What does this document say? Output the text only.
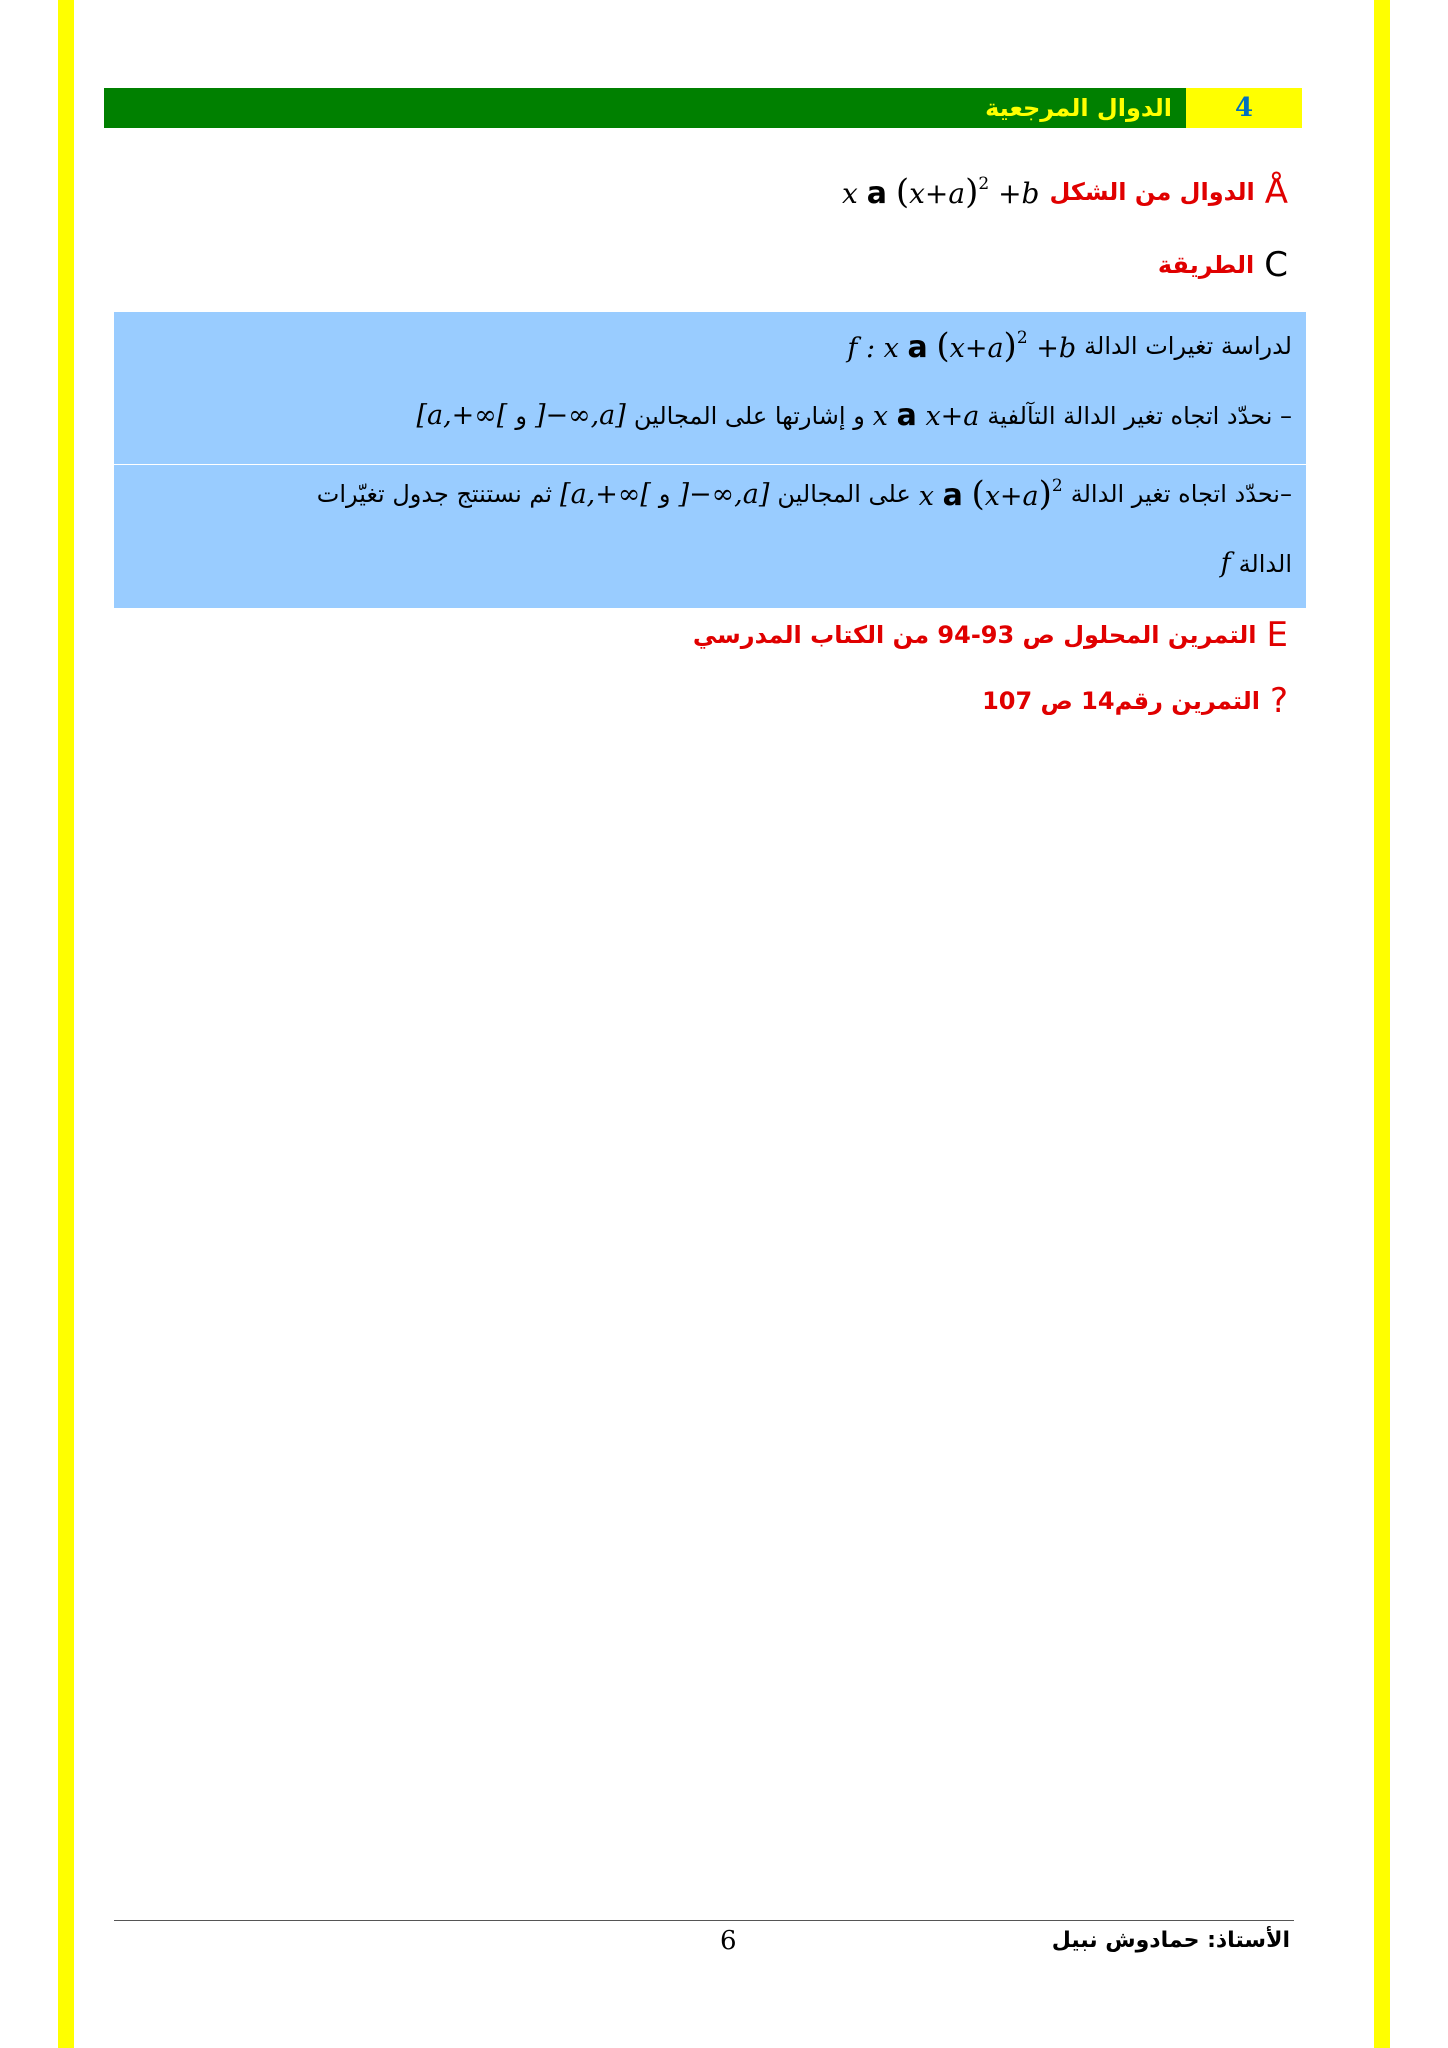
4
الدوال المرجعية
Å
الدوال من الشكل
x a $(x+a)^2 +b$
C
الطريقة
لدراسة تغيرات الدالة
f : x a $(x+a)^2 +b$
– نحدّد اتجاه تغير الدالة التآلفية
x a x+a
و إشارتها على المجالين
]−∞,a]
و
[a,+∞[
–نحدّد اتجاه تغير الدالة
x a $(x+a)^2$
على المجالين
]−∞,a]
و
[a,+∞[
ثم نستنتج جدول تغيّرات
الدالة
f
E
التمرين المحلول ص 93-94 من الكتاب المدرسي
?
التمرين رقم14 ص 107
6	الأستاذ: حمادوش نبيل
